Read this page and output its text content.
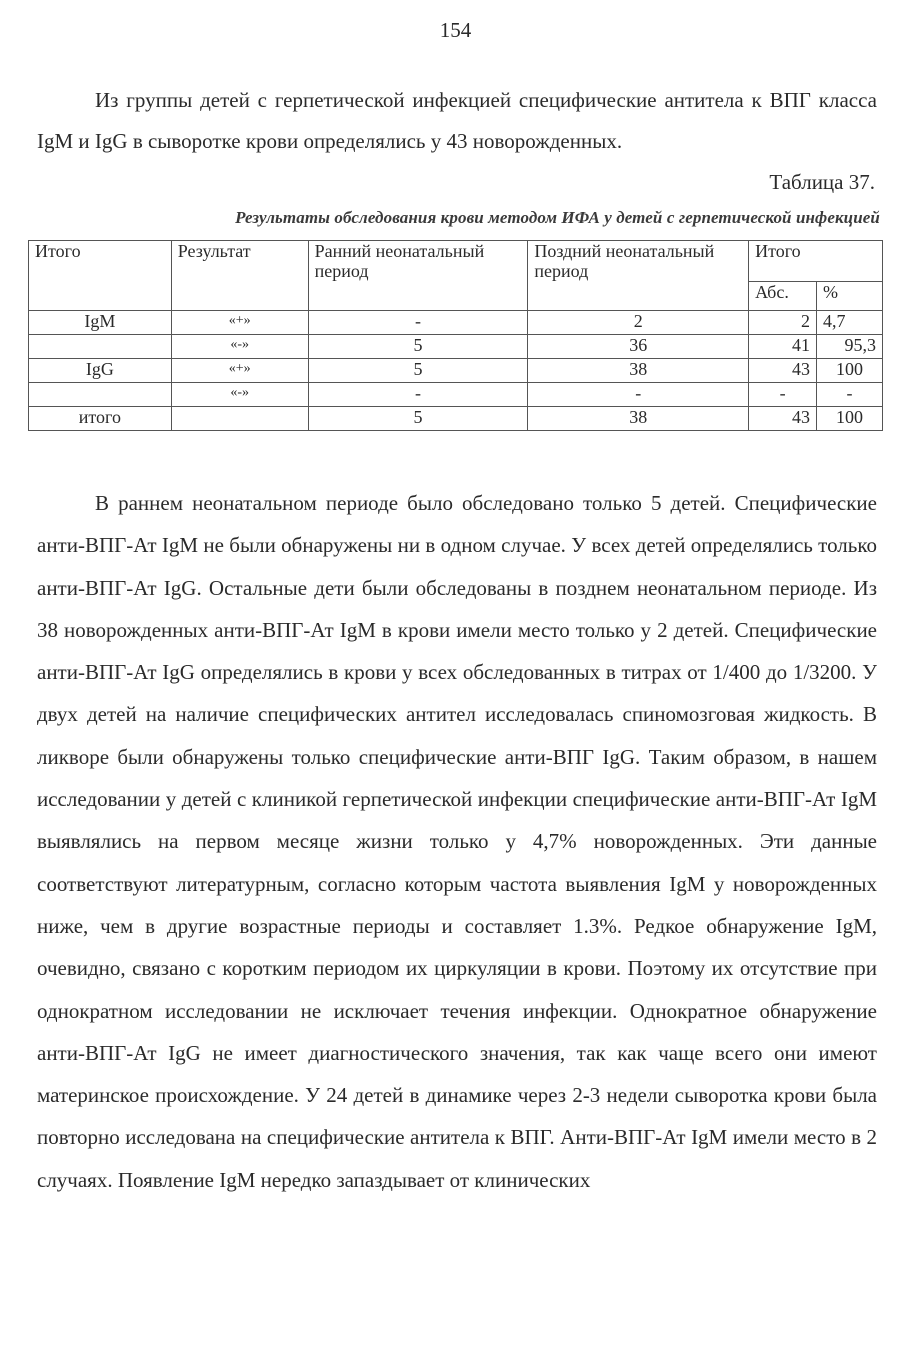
154

Из группы детей с герпетической инфекцией специфические антитела к ВПГ класса IgM и IgG в сыворотке крови определялись у 43 новорожденных.

Таблица 37.
Результаты обследования крови методом ИФА у детей с герпетической инфекцией
Итого	Результат	Ранний неонатальный период	Поздний неонатальный период	Итого	
				Абс.	%
IgM	«+»	-	2	2	4,7
	«-»	5	36	41	95,3
IgG	«+»	5	38	43	100
	«-»	-	-	-	-
итого		5	38	43	100

В раннем неонатальном периоде было обследовано только 5 детей. Специфические анти-ВПГ-Ат IgM не были обнаружены ни в одном случае. У всех детей определялись только анти-ВПГ-Ат IgG. Остальные дети были обследованы в позднем неонатальном периоде. Из 38 новорожденных анти-ВПГ-Ат IgM в крови имели место только у 2 детей. Специфические анти-ВПГ-Ат IgG определялись в крови у всех обследованных в титрах от 1/400 до 1/3200. У двух детей на наличие специфических антител исследовалась спиномозговая жидкость. В ликворе были обнаружены только специфические анти-ВПГ IgG. Таким образом, в нашем исследовании у детей с клиникой герпетической инфекции специфические анти-ВПГ-Ат IgM выявлялись на первом месяце жизни только у 4,7% новорожденных. Эти данные соответствуют литературным, согласно которым частота выявления IgM у новорожденных ниже, чем в другие возрастные периоды и составляет 1.3%. Редкое обнаружение IgM, очевидно, связано с коротким периодом их циркуляции в крови. Поэтому их отсутствие при однократном исследовании не исключает течения инфекции. Однократное обнаружение анти-ВПГ-Ат IgG не имеет диагностического значения, так как чаще всего они имеют материнское происхождение. У 24 детей в динамике через 2-3 недели сыворотка крови была повторно исследована на специфические антитела к ВПГ. Анти-ВПГ-Ат IgM имели место в 2 случаях. Появление IgM нередко запаздывает от клинических
